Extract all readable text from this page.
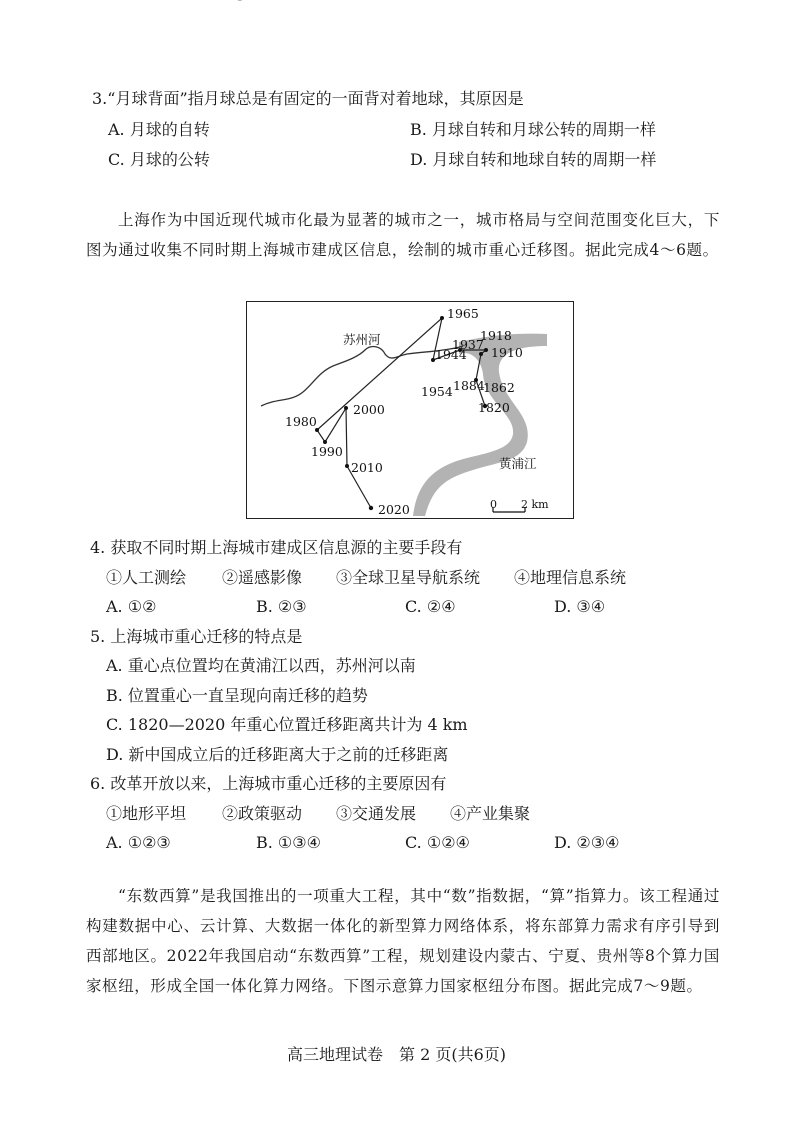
3.“月球背面”指月球总是有固定的一面背对着地球，其原因是
A. 月球的自转	B. 月球自转和月球公转的周期一样
C. 月球的公转	D. 月球自转和地球自转的周期一样

上海作为中国近现代城市化最为显著的城市之一，城市格局与空间范围变化巨大，下图为通过收集不同时期上海城市建成区信息，绘制的城市重心迁移图。据此完成4～6题。

苏州河
黄浦江
1965
1918
1937
1910
1944
1954 1884
1862
1820
2000
1980
1990
2010
2020	0 2 km
4. 获取不同时期上海城市建成区信息源的主要手段有
①人工测绘 ②遥感影像 ③全球卫星导航系统 ④地理信息系统
A. ①②	B. ②③	C. ②④	D. ③④
5. 上海城市重心迁移的特点是
A. 重心点位置均在黄浦江以西，苏州河以南
B. 位置重心一直呈现向南迁移的趋势
C. 1820—2020 年重心位置迁移距离共计为 4 km
D. 新中国成立后的迁移距离大于之前的迁移距离
6. 改革开放以来，上海城市重心迁移的主要原因有
①地形平坦 ②政策驱动 ③交通发展 ④产业集聚
A. ①②③	B. ①③④	C. ①②④	D. ②③④

“东数西算”是我国推出的一项重大工程，其中“数”指数据，“算”指算力。该工程通过构建数据中心、云计算、大数据一体化的新型算力网络体系，将东部算力需求有序引导到西部地区。2022年我国启动“东数西算”工程，规划建设内蒙古、宁夏、贵州等8个算力国家枢纽，形成全国一体化算力网络。下图示意算力国家枢纽分布图。据此完成7～9题。

高三地理试卷　第 2 页(共6页)
